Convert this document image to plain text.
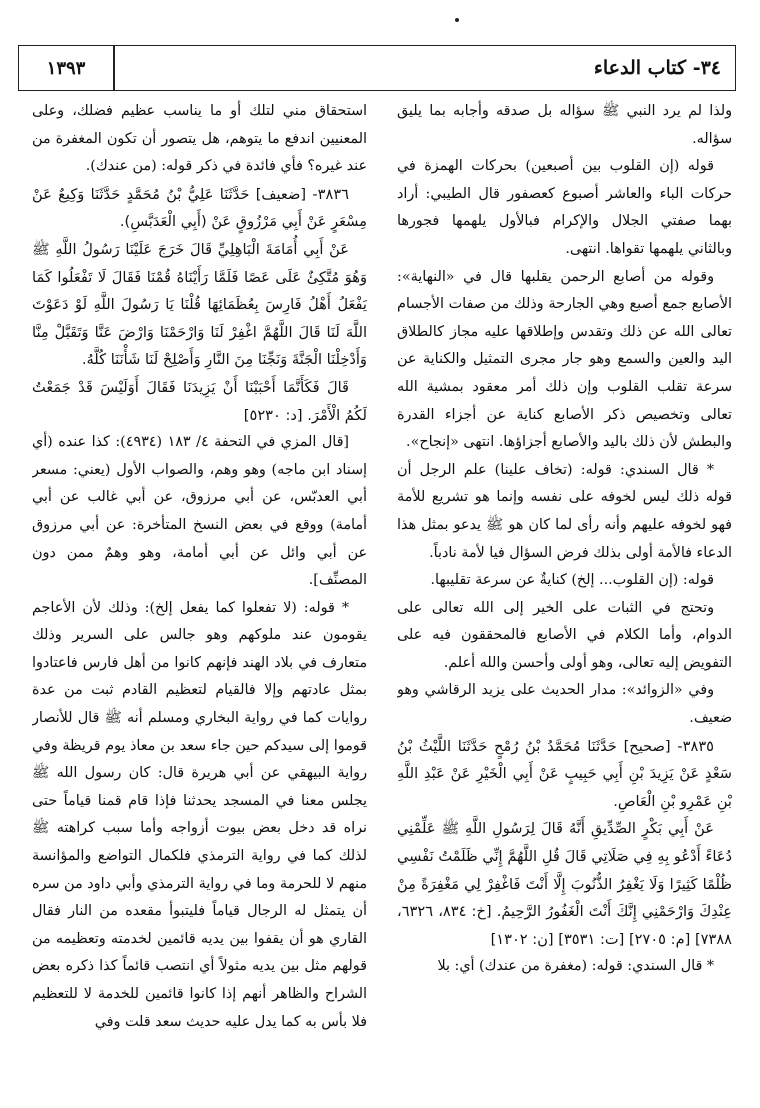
١٣٩٣	٣٤- كتاب الدعاء

ولذا لم يرد النبي ﷺ سؤاله بل صدقه وأجابه بما يليق سؤاله.

قوله (إن القلوب بين أصبعين) بحركات الهمزة في حركات الباء والعاشر أصبوع كعصفور قال الطيبي: أراد بهما صفتي الجلال والإكرام فبالأول يلهمها فجورها وبالثاني يلهمها تقواها. انتهى.

وقوله من أصابع الرحمن يقلبها قال في «النهاية»: الأصابع جمع أصبع وهي الجارحة وذلك من صفات الأجسام تعالى الله عن ذلك وتقدس وإطلاقها عليه مجاز كالطلاق اليد والعين والسمع وهو جار مجرى التمثيل والكناية عن سرعة تقلب القلوب وإن ذلك أمر معقود بمشية الله تعالى وتخصيص ذكر الأصابع كناية عن أجزاء القدرة والبطش لأن ذلك باليد والأصابع أجزاؤها. انتهى «إنجاح».

* قال السندي: قوله: (تخاف علينا) علم الرجل أن قوله ذلك ليس لخوفه على نفسه وإنما هو تشريع للأمة فهو لخوفه عليهم وأنه رأى لما كان هو ﷺ يدعو بمثل هذا الدعاء فالأمة أولى بذلك فرض السؤال فيا لأمة نادباً.

قوله: (إن القلوب... إلخ) كنايةٌ عن سرعة تقليبها.

وتحتج في الثبات على الخير إلى الله تعالى على الدوام، وأما الكلام في الأصابع فالمحققون فيه على التفويض إليه تعالى، وهو أولى وأحسن والله أعلم.

وفي «الزوائد»: مدار الحديث على يزيد الرقاشي وهو ضعيف.

٣٨٣٥- [صحيح] حَدَّثَنَا مُحَمَّدُ بْنُ رُمْحٍ حَدَّثَنَا اللَّيْثُ بْنُ سَعْدٍ عَنْ يَزِيدَ بْنِ أَبِي حَبِيبٍ عَنْ أَبِي الْخَيْرِ عَنْ عَبْدِ اللَّهِ بْنِ عَمْرِو بْنِ الْعَاصِ.

عَنْ أَبِي بَكْرٍ الصِّدِّيقِ أَنَّهُ قَالَ لِرَسُولِ اللَّهِ ﷺ عَلِّمْنِي دُعَاءً أَدْعُو بِهِ فِي صَلَاتِي قَالَ قُلِ اللَّهُمَّ إِنِّي ظَلَمْتُ نَفْسِي ظُلْمًا كَثِيرًا وَلَا يَغْفِرُ الذُّنُوبَ إِلَّا أَنْتَ فَاغْفِرْ لِي مَغْفِرَةً مِنْ عِنْدِكَ وَارْحَمْنِي إِنَّكَ أَنْتَ الْغَفُورُ الرَّحِيمُ. [خ: ٨٣٤، ٦٣٢٦، ٧٣٨٨] [م: ٢٧٠٥] [ت: ٣٥٣١] [ن: ١٣٠٢]

* قال السندي: قوله: (مغفرة من عندك) أي: بلا

استحقاق مني لتلك أو ما يناسب عظيم فضلك، وعلى المعنيين اندفع ما يتوهم، هل يتصور أن تكون المغفرة من عند غيره؟ فأي فائدة في ذكر قوله: (من عندك).

٣٨٣٦- [ضعيف] حَدَّثَنَا عَلِيُّ بْنُ مُحَمَّدٍ حَدَّثَنَا وَكِيعٌ عَنْ مِسْعَرٍ عَنْ أَبِي مَرْزُوقٍ عَنْ (أَبِي الْعَدَبَّسِ).

عَنْ أَبِي أُمَامَةَ الْبَاهِلِيِّ قَالَ خَرَجَ عَلَيْنَا رَسُولُ اللَّهِ ﷺ وَهُوَ مُتَّكِئٌ عَلَى عَصًا فَلَمَّا رَأَيْنَاهُ قُمْنَا فَقَالَ لَا تَفْعَلُوا كَمَا يَفْعَلُ أَهْلُ فَارِسَ بِعُظَمَائِهَا قُلْنَا يَا رَسُولَ اللَّهِ لَوْ دَعَوْتَ اللَّهَ لَنَا قَالَ اللَّهُمَّ اغْفِرْ لَنَا وَارْحَمْنَا وَارْضَ عَنَّا وَتَقَبَّلْ مِنَّا وَأَدْخِلْنَا الْجَنَّةَ وَنَجِّنَا مِنَ النَّارِ وَأَصْلِحْ لَنَا شَأْنَنَا كُلَّهُ.

قَالَ فَكَأَنَّمَا أَحْبَبْنَا أَنْ يَزِيدَنَا فَقَالَ أَوَلَيْسَ قَدْ جَمَعْتُ لَكُمُ الْأَمْرَ. [د: ٥٢٣٠]

[قال المزي في التحفة ٤/ ١٨٣ (٤٩٣٤): كذا عنده (أي إسناد ابن ماجه) وهو وهم، والصواب الأول (يعني: مسعر أبي العدبّس، عن أبي مرزوق، عن أبي غالب عن أبي أمامة) ووقع في بعض النسخ المتأخرة: عن أبي مرزوق عن أبي وائل عن أبي أمامة، وهو وهمٌ ممن دون المصنِّف].

* قوله: (لا تفعلوا كما يفعل إلخ): وذلك لأن الأعاجم يقومون عند ملوكهم وهو جالس على السرير وذلك متعارف في بلاد الهند فإنهم كانوا من أهل فارس فاعتادوا بمثل عادتهم وإلا فالقيام لتعظيم القادم ثبت من عدة روايات كما في رواية البخاري ومسلم أنه ﷺ قال للأنصار قوموا إلى سيدكم حين جاء سعد بن معاذ يوم قريظة وفي رواية البيهقي عن أبي هريرة قال: كان رسول الله ﷺ يجلس معنا في المسجد يحدثنا فإذا قام قمنا قياماً حتى نراه قد دخل بعض بيوت أزواجه وأما سبب كراهته ﷺ لذلك كما في رواية الترمذي فلكمال التواضع والمؤانسة منهم لا للحرمة وما في رواية الترمذي وأبي داود من سره أن يتمثل له الرجال قياماً فليتبوأ مقعده من النار فقال القاري هو أن يقفوا بين يديه قائمين لخدمته وتعظيمه من قولهم مثل بين يديه مثولاً أي انتصب قائماً كذا ذكره بعض الشراح والظاهر أنهم إذا كانوا قائمين للخدمة لا للتعظيم فلا بأس به كما يدل عليه حديث سعد قلت وفي
